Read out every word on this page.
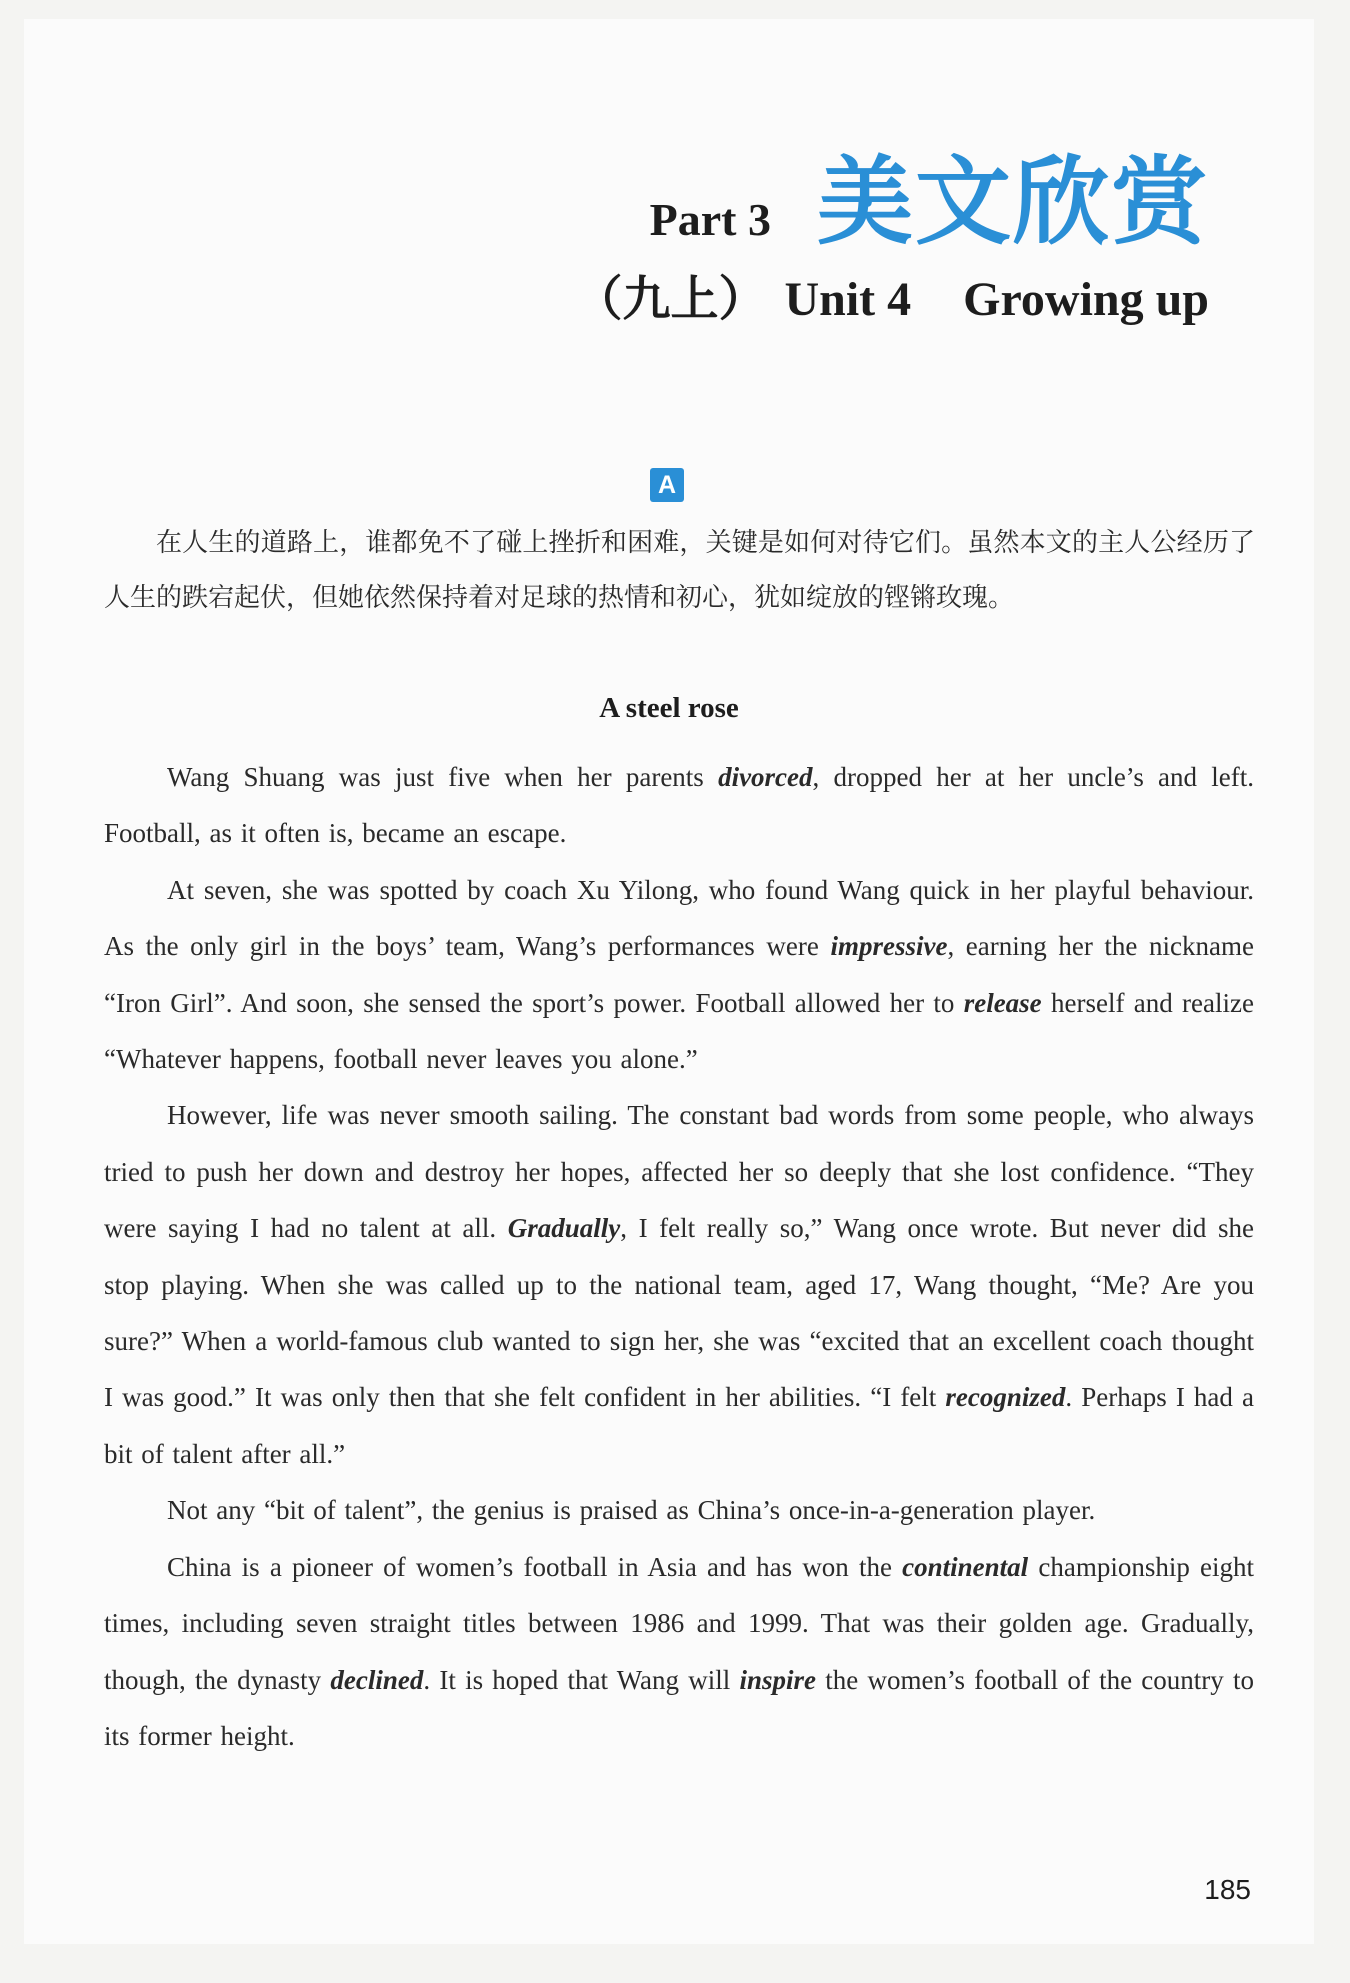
Part 3 美文欣赏
（九上） Unit 4 Growing up
A

在人生的道路上，谁都免不了碰上挫折和困难，关键是如何对待它们。虽然本文的主人公经历了人生的跌宕起伏，但她依然保持着对足球的热情和初心，犹如绽放的铿锵玫瑰。

A steel rose

Wang Shuang was just five when her parents divorced, dropped her at her uncle’s and left. Football, as it often is, became an escape.

At seven, she was spotted by coach Xu Yilong, who found Wang quick in her playful behaviour. As the only girl in the boys’ team, Wang’s performances were impressive, earning her the nickname “Iron Girl”. And soon, she sensed the sport’s power. Football allowed her to release herself and realize “Whatever happens, football never leaves you alone.”

However, life was never smooth sailing. The constant bad words from some people, who always tried to push her down and destroy her hopes, affected her so deeply that she lost confidence. “They were saying I had no talent at all. Gradually, I felt really so,” Wang once wrote. But never did she stop playing. When she was called up to the national team, aged 17, Wang thought, “Me? Are you sure?” When a world-famous club wanted to sign her, she was “excited that an excellent coach thought I was good.” It was only then that she felt confident in her abilities. “I felt recognized. Perhaps I had a bit of talent after all.”

Not any “bit of talent”, the genius is praised as China’s once-in-a-generation player.

China is a pioneer of women’s football in Asia and has won the continental championship eight times, including seven straight titles between 1986 and 1999. That was their golden age. Gradually, though, the dynasty declined. It is hoped that Wang will inspire the women’s football of the country to its former height.

185
